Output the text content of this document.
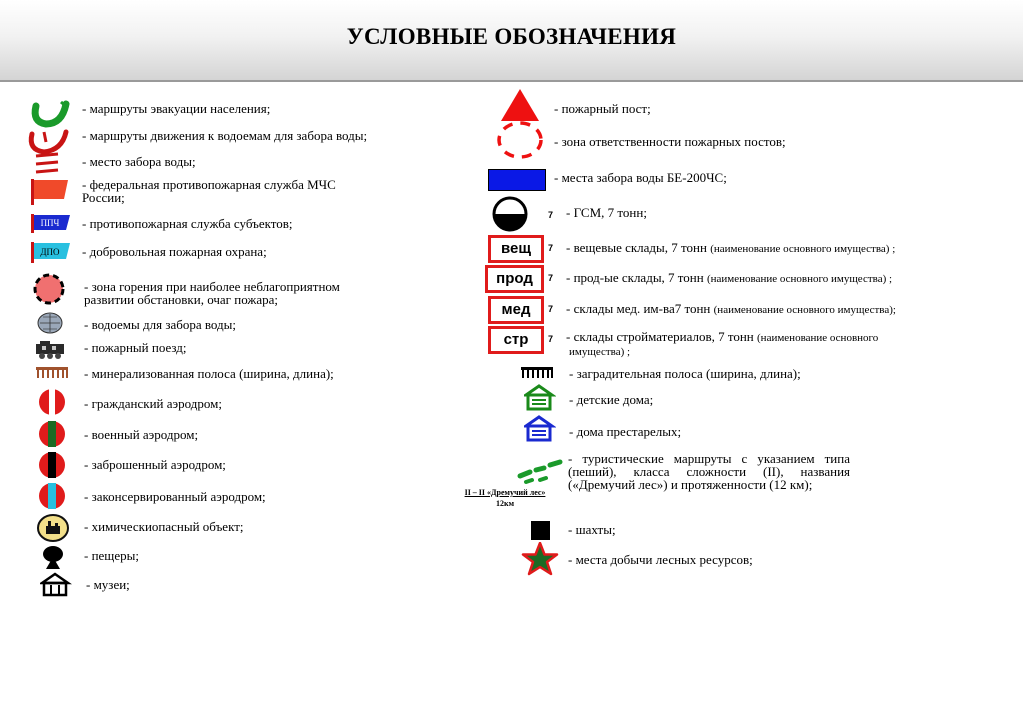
УСЛОВНЫЕ ОБОЗНАЧЕНИЯ
- маршруты эвакуации населения;
- маршруты движения к водоемам для забора воды;
- место забора воды;
- федеральная противопожарная служба МЧС России;
ППЧ - противопожарная служба субъектов;
ДПО - добровольная пожарная охрана;
- зона горения при наиболее неблагоприятном развитии обстановки, очаг пожара;
- водоемы для забора воды;
- пожарный поезд;
- минерализованная полоса (ширина, длина);
- гражданский аэродром;
- военный аэродром;
- заброшенный аэродром;
- законсервированный аэродром;
- химическиопасный объект;
- пещеры;
- музеи;
- пожарный пост;
- зона ответственности пожарных постов;
- места забора воды БЕ-200ЧС;
7 - ГСМ, 7 тонн;
вещ	7 - вещевые склады, 7 тонн (наименование основного имущества) ;
прод	7 - прод-ые склады, 7 тонн (наименование основного имущества) ;
мед	7 - склады мед. им-ва7 тонн (наименование основного имущества);
стр	7 - склады стройматериалов, 7 тонн (наименование основного
имущества) ;
- заградительная полоса (ширина, длина);
- детские дома;
- дома престарелых;
II – II «Дремучий лес»
12км
- туристические маршруты с указанием типа (пеший), класса сложности (II), названия («Дремучий лес») и протяженности (12 км);
- шахты;
- места добычи лесных ресурсов;
